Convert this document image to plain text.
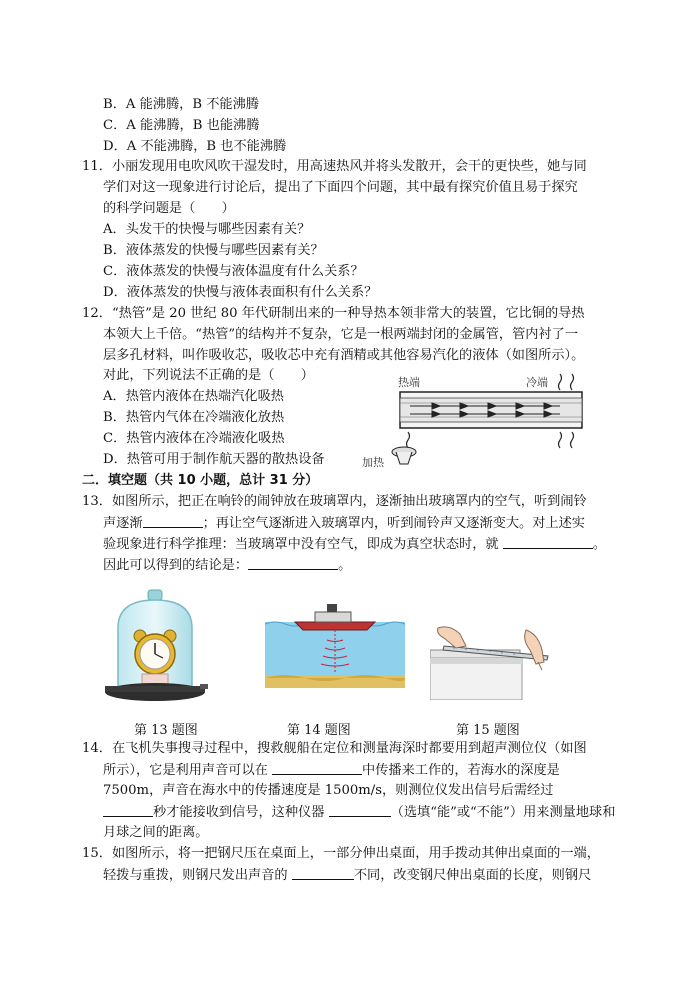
B．A 能沸腾，B 不能沸腾
C．A 能沸腾，B 也能沸腾
D．A 不能沸腾，B 也不能沸腾
11．小丽发现用电吹风吹干湿发时，用高速热风并将头发散开，会干的更快些，她与同
学们对这一现象进行讨论后，提出了下面四个问题，其中最有探究价值且易于探究
的科学问题是（　　）
A．头发干的快慢与哪些因素有关？
B．液体蒸发的快慢与哪些因素有关？
C．液体蒸发的快慢与液体温度有什么关系？
D．液体蒸发的快慢与液体表面积有什么关系？
12．“热管”是 20 世纪 80 年代研制出来的一种导热本领非常大的装置，它比铜的导热
本领大上千倍。“热管”的结构并不复杂，它是一根两端封闭的金属管，管内衬了一
层多孔材料，叫作吸收芯，吸收芯中充有酒精或其他容易汽化的液体（如图所示）。
对此，下列说法不正确的是（　　）
A．热管内液体在热端汽化吸热
B．热管内气体在冷端液化放热
C．热管内液体在冷端液化吸热
D．热管可用于制作航天器的散热设备
热端	冷端
加热
二．填空题（共 10 小题，总计 31 分）
13．如图所示，把正在响铃的闹钟放在玻璃罩内，逐渐抽出玻璃罩内的空气，听到闹铃
声逐渐	；再让空气逐渐进入玻璃罩内，听到闹铃声又逐渐变大。对上述实
验现象进行科学推理：当玻璃罩中没有空气，即成为真空状态时，就	。
因此可以得到的结论是：	。
第 13 题图	第 14 题图	第 15 题图
14．在飞机失事搜寻过程中，搜救舰船在定位和测量海深时都要用到超声测位仪（如图
所示），它是利用声音可以在	中传播来工作的，若海水的深度是
7500m，声音在海水中的传播速度是 1500m/s，则测位仪发出信号后需经过
秒才能接收到信号，这种仪器	（选填“能”或“不能”）用来测量地球和
月球之间的距离。
15．如图所示，将一把钢尺压在桌面上，一部分伸出桌面，用手拨动其伸出桌面的一端，
轻拨与重拨，则钢尺发出声音的	不同，改变钢尺伸出桌面的长度，则钢尺
